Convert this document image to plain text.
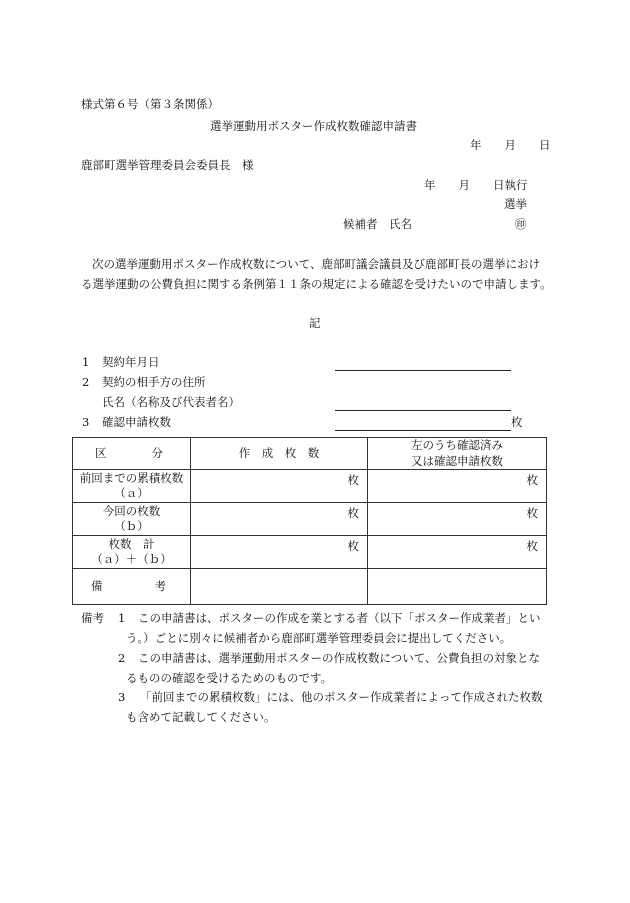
様式第６号（第３条関係）
選挙運動用ポスター作成枚数確認申請書
年　　月　　日
鹿部町選挙管理委員会委員長　様
年　　月　　日執行
選挙
候補者　氏名	㊞
次の選挙運動用ポスター作成枚数について、鹿部町議会議員及び鹿部町長の選挙におけ
る選挙運動の公費負担に関する条例第１１条の規定による確認を受けたいので申請します。
記
1 契約年月日
2 契約の相手方の住所
氏名（名称及び代表者名）
3 確認申請枚数	枚
区 分	作　成　枚　数	左のうち確認済み
又は確認申請枚数

前回までの累積枚数
（ａ）	枚	枚

今回の枚数
（ｂ）	枚	枚

枚数　計
（ａ）＋（ｂ）	枚	枚
備 考		
備考 1 この申請書は、ポスターの作成を業とする者（以下「ポスター作成業者」とい
う。）ごとに別々に候補者から鹿部町選挙管理委員会に提出してください。
2 この申請書は、選挙運動用ポスターの作成枚数について、公費負担の対象とな
るものの確認を受けるためのものです。
3 「前回までの累積枚数」には、他のポスター作成業者によって作成された枚数
も含めて記載してください。
